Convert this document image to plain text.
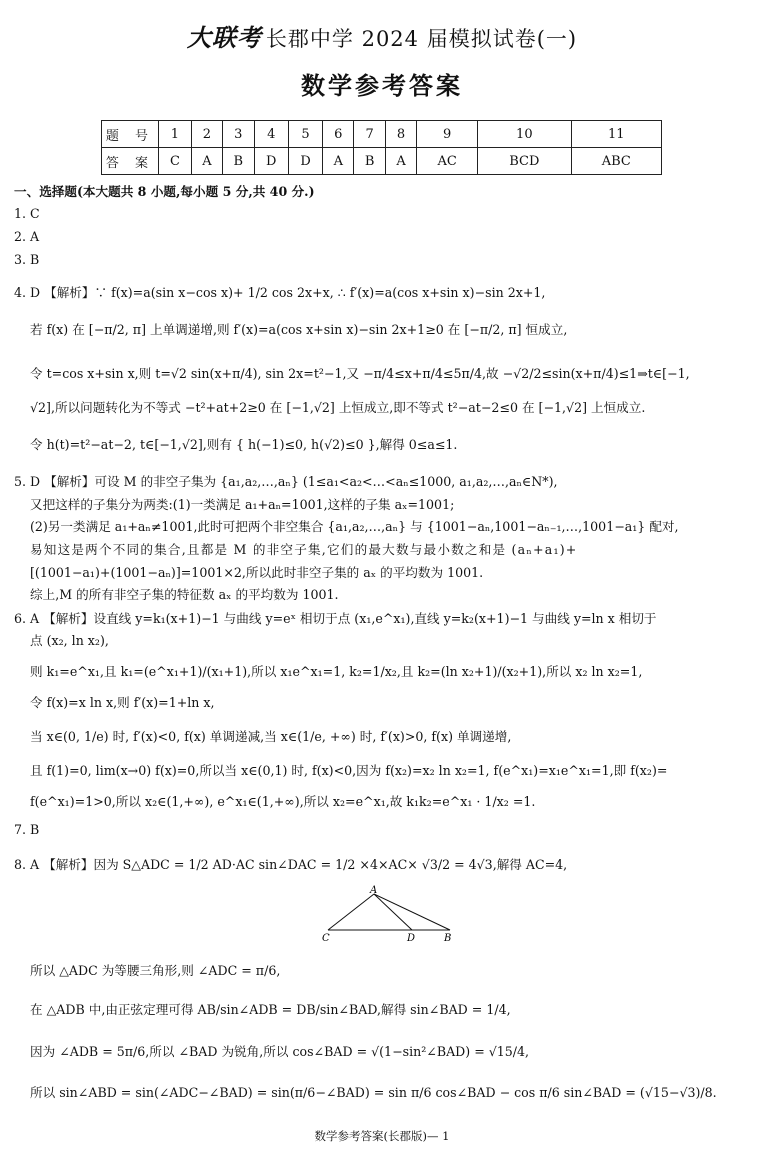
大联考 长郡中学 2024 届模拟试卷(一)
数学参考答案
题 号	1	2	3	4	5	6	7	8	9	10	11
答 案	C	A	B	D	D	A	B	A	AC	BCD	ABC
一、选择题(本大题共 8 小题,每小题 5 分,共 40 分.)
1. C
2. A
3. B
4. D 【解析】∵ f(x)=a(sin x−cos x)+ 1/2 cos 2x+x, ∴ f′(x)=a(cos x+sin x)−sin 2x+1,
若 f(x) 在 [−π/2, π] 上单调递增,则 f′(x)=a(cos x+sin x)−sin 2x+1≥0 在 [−π/2, π] 恒成立,
令 t=cos x+sin x,则 t=√2 sin(x+π/4), sin 2x=t²−1,又 −π/4≤x+π/4≤5π/4,故 −√2/2≤sin(x+π/4)≤1⇒t∈[−1,
√2],所以问题转化为不等式 −t²+at+2≥0 在 [−1,√2] 上恒成立,即不等式 t²−at−2≤0 在 [−1,√2] 上恒成立.
令 h(t)=t²−at−2, t∈[−1,√2],则有 { h(−1)≤0, h(√2)≤0 },解得 0≤a≤1.
5. D 【解析】可设 M 的非空子集为 {a₁,a₂,…,aₙ} (1≤a₁<a₂<…<aₙ≤1000, a₁,a₂,…,aₙ∈N*),
又把这样的子集分为两类:(1)一类满足 a₁+aₙ=1001,这样的子集 aₓ=1001;
(2)另一类满足 a₁+aₙ≠1001,此时可把两个非空集合 {a₁,a₂,…,aₙ} 与 {1001−aₙ,1001−aₙ₋₁,…,1001−a₁} 配对,
易知这是两个不同的集合,且都是 M 的非空子集,它们的最大数与最小数之和是 (aₙ+a₁)+
[(1001−a₁)+(1001−aₙ)]=1001×2,所以此时非空子集的 aₓ 的平均数为 1001.
综上,M 的所有非空子集的特征数 aₓ 的平均数为 1001.
6. A 【解析】设直线 y=k₁(x+1)−1 与曲线 y=eˣ 相切于点 (x₁,e^x₁),直线 y=k₂(x+1)−1 与曲线 y=ln x 相切于
点 (x₂, ln x₂),
则 k₁=e^x₁,且 k₁=(e^x₁+1)/(x₁+1),所以 x₁e^x₁=1, k₂=1/x₂,且 k₂=(ln x₂+1)/(x₂+1),所以 x₂ ln x₂=1,
令 f(x)=x ln x,则 f′(x)=1+ln x,
当 x∈(0, 1/e) 时, f′(x)<0, f(x) 单调递减,当 x∈(1/e, +∞) 时, f′(x)>0, f(x) 单调递增,
且 f(1)=0, lim(x→0) f(x)=0,所以当 x∈(0,1) 时, f(x)<0,因为 f(x₂)=x₂ ln x₂=1, f(e^x₁)=x₁e^x₁=1,即 f(x₂)=
f(e^x₁)=1>0,所以 x₂∈(1,+∞), e^x₁∈(1,+∞),所以 x₂=e^x₁,故 k₁k₂=e^x₁ · 1/x₂ =1.
7. B
8. A 【解析】因为 S△ADC = 1/2 AD·AC sin∠DAC = 1/2 ×4×AC× √3/2 = 4√3,解得 AC=4,
A
C	D	B
所以 △ADC 为等腰三角形,则 ∠ADC = π/6,
在 △ADB 中,由正弦定理可得 AB/sin∠ADB = DB/sin∠BAD,解得 sin∠BAD = 1/4,
因为 ∠ADB = 5π/6,所以 ∠BAD 为锐角,所以 cos∠BAD = √(1−sin²∠BAD) = √15/4,
所以 sin∠ABD = sin(∠ADC−∠BAD) = sin(π/6−∠BAD) = sin π/6 cos∠BAD − cos π/6 sin∠BAD = (√15−√3)/8.
数学参考答案(长郡版)— 1
